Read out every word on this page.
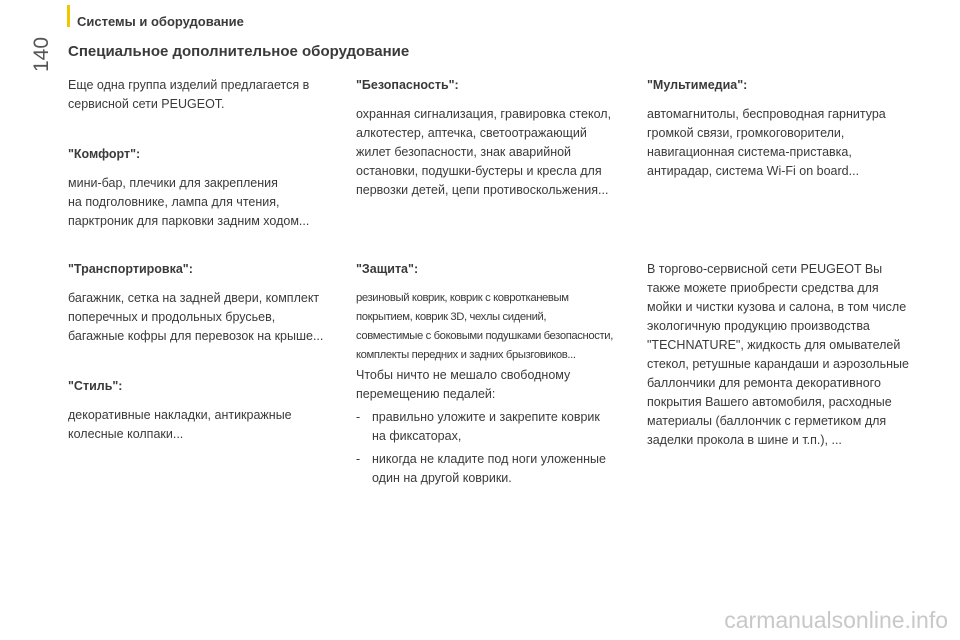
Системы и оборудование
140 Специальное дополнительное оборудование

Еще одна группа изделий предлагается в

сервисной сети PEUGEOT.

"Комфорт":

мини-бар, плечики для закрепления

на подголовнике, лампа для чтения,

парктроник для парковки задним ходом...

"Транспортировка":

багажник, сетка на задней двери, комплект

поперечных и продольных брусьев,

багажные кофры для перевозок на крыше...

"Стиль":

декоративные накладки, антикражные

колесные колпаки...

"Безопасность":

охранная сигнализация, гравировка стекол,

алкотестер, аптечка, светоотражающий

жилет безопасности, знак аварийной

остановки, подушки-бустеры и кресла для

первозки детей, цепи противоскольжения...

"Защита":

резиновый коврик, коврик с ковротканевым

покрытием, коврик 3D, чехлы сидений,

совместимые с боковыми подушками безопасности,

комплекты передних и задних брызговиков...

Чтобы ничто не мешало свободному

перемещению педалей:

- правильно уложите и закрепите коврик
на фиксаторах,
- никогда не кладите под ноги уложенные
один на другой коврики.

"Мультимедиа":

автомагнитолы, беспроводная гарнитура

громкой связи, громкоговорители,

навигационная система-приставка,

антирадар, система Wi-Fi on board...

В торгово-сервисной сети PEUGEOT Вы

также можете приобрести средства для

мойки и чистки кузова и салона, в том числе

экологичную продукцию производства

"TECHNATURE", жидкость для омывателей

стекол, ретушные карандаши и аэрозольные

баллончики для ремонта декоративного

покрытия Вашего автомобиля, расходные

материалы (баллончик с герметиком для

заделки прокола в шине и т.п.), ...

carmanualsonline.info
